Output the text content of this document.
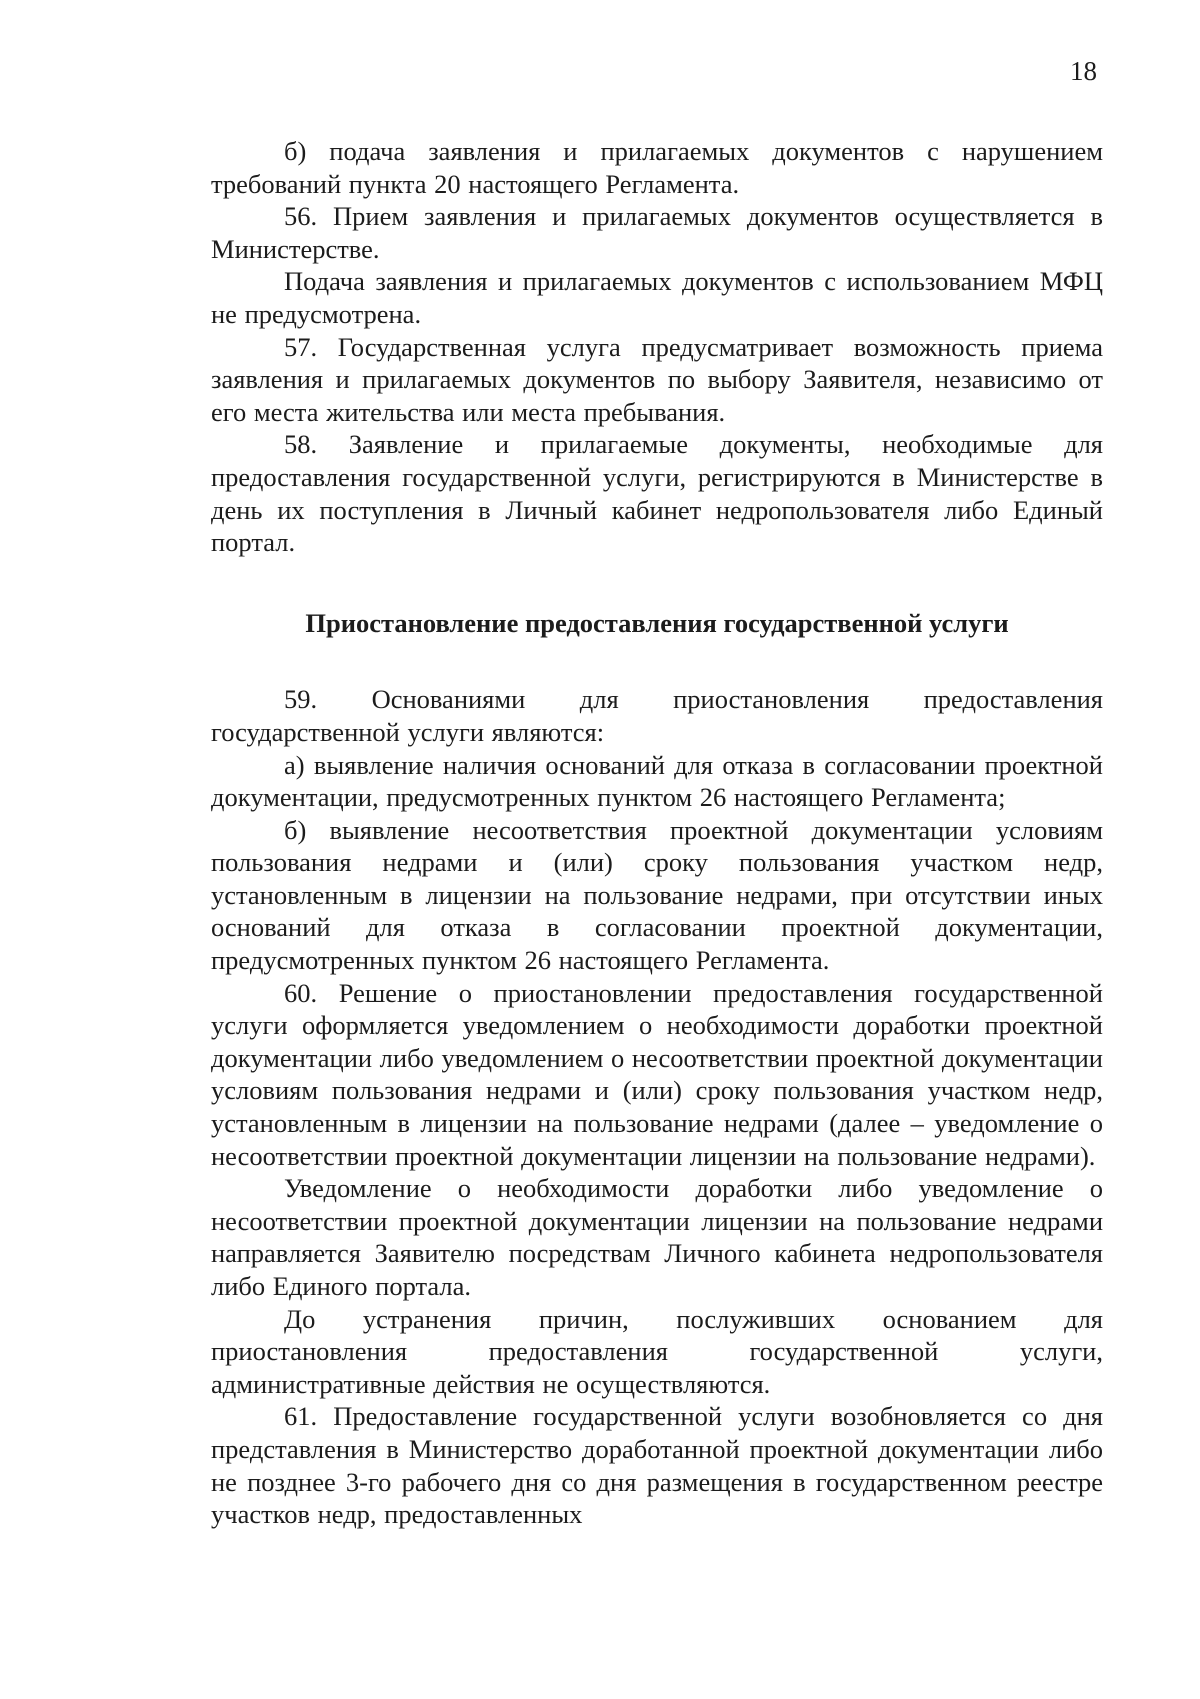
18

б) подача заявления и прилагаемых документов с нарушением требований пункта 20 настоящего Регламента.

56. Прием заявления и прилагаемых документов осуществляется в Министерстве.

Подача заявления и прилагаемых документов с использованием МФЦ не предусмотрена.

57. Государственная услуга предусматривает возможность приема заявления и прилагаемых документов по выбору Заявителя, независимо от его места жительства или места пребывания.

58. Заявление и прилагаемые документы, необходимые для предоставления государственной услуги, регистрируются в Министерстве в день их поступления в Личный кабинет недропользователя либо Единый портал.

Приостановление предоставления государственной услуги

59. Основаниями для приостановления предоставления государственной услуги являются:

а) выявление наличия оснований для отказа в согласовании проектной документации, предусмотренных пунктом 26 настоящего Регламента;

б) выявление несоответствия проектной документации условиям пользования недрами и (или) сроку пользования участком недр, установленным в лицензии на пользование недрами, при отсутствии иных оснований для отказа в согласовании проектной документации, предусмотренных пунктом 26 настоящего Регламента.

60. Решение о приостановлении предоставления государственной услуги оформляется уведомлением о необходимости доработки проектной документации либо уведомлением о несоответствии проектной документации условиям пользования недрами и (или) сроку пользования участком недр, установленным в лицензии на пользование недрами (далее – уведомление о несоответствии проектной документации лицензии на пользование недрами).

Уведомление о необходимости доработки либо уведомление о несоответствии проектной документации лицензии на пользование недрами направляется Заявителю посредствам Личного кабинета недропользователя либо Единого портала.

До устранения причин, послуживших основанием для приостановления предоставления государственной услуги, административные действия не осуществляются.

61. Предоставление государственной услуги возобновляется со дня представления в Министерство доработанной проектной документации либо не позднее 3-го рабочего дня со дня размещения в государственном реестре участков недр, предоставленных
